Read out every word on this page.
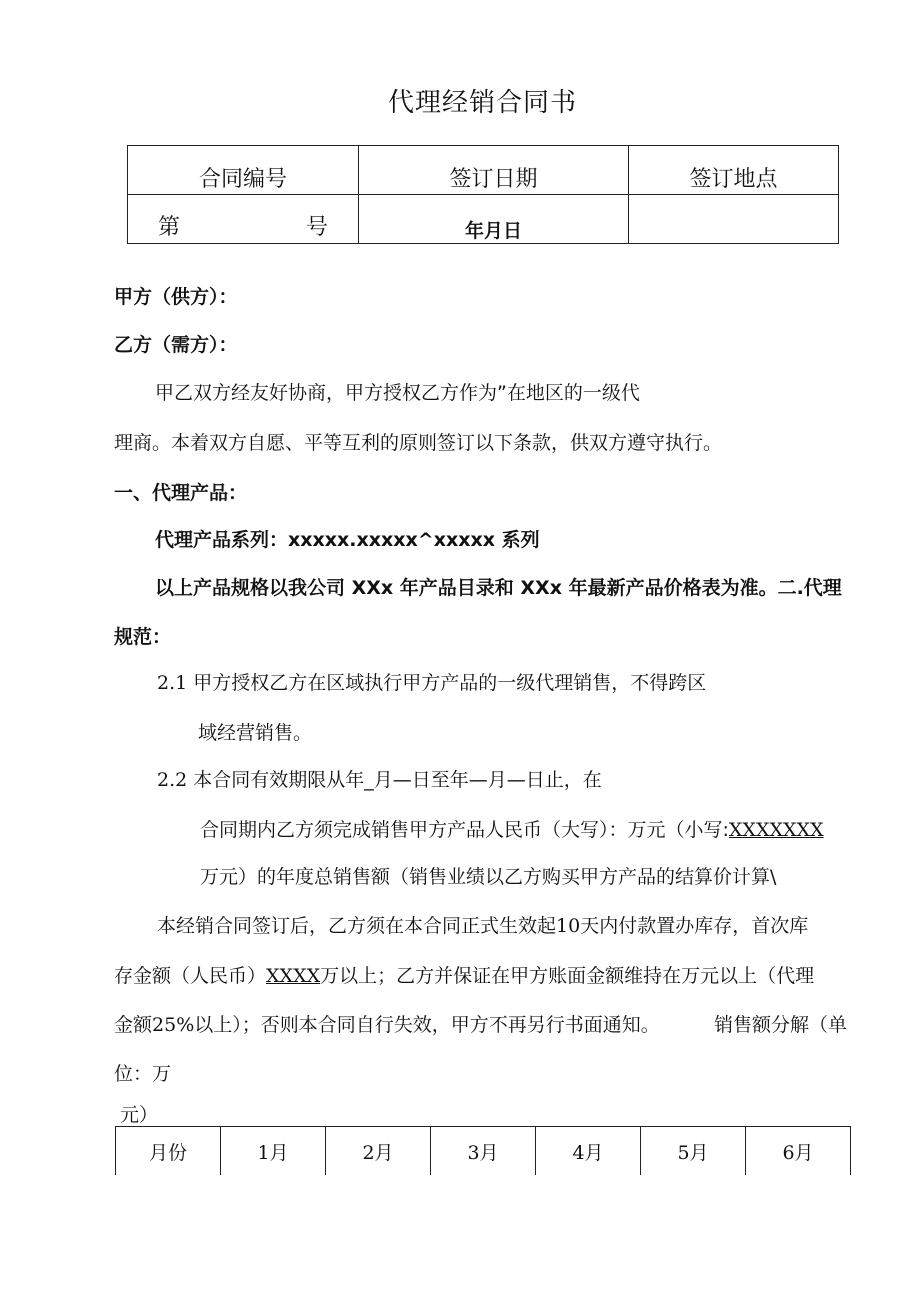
代理经销合同书
合同编号	签订日期	签订地点

第 号	年月日	
甲方（供方）：
乙方（需方）：
甲乙双方经友好协商，甲方授权乙方作为”在地区的一级代
理商。本着双方自愿、平等互利的原则签订以下条款，供双方遵守执行。
一、代理产品：
代理产品系列：xxxxx.xxxxx^xxxxx 系列
以上产品规格以我公司 XXx 年产品目录和 XXx 年最新产品价格表为准。二.代理
规范：
2.1 甲方授权乙方在区域执行甲方产品的一级代理销售，不得跨区
域经营销售。
2.2 本合同有效期限从年_月—日至年—月—日止，在
合同期内乙方须完成销售甲方产品人民币（大写）：万元（小写:XXXXXXX
万元）的年度总销售额（销售业绩以乙方购买甲方产品的结算价计算\
本经销合同签订后，乙方须在本合同正式生效起10天内付款置办库存，首次库
存金额（人民币）XXXX万以上；乙方并保证在甲方账面金额维持在万元以上（代理
金额25%以上）；否则本合同自行失效，甲方不再另行书面通知。	销售额分解（单
位：万
元）
月份	1月	2月	3月	4月	5月	6月
